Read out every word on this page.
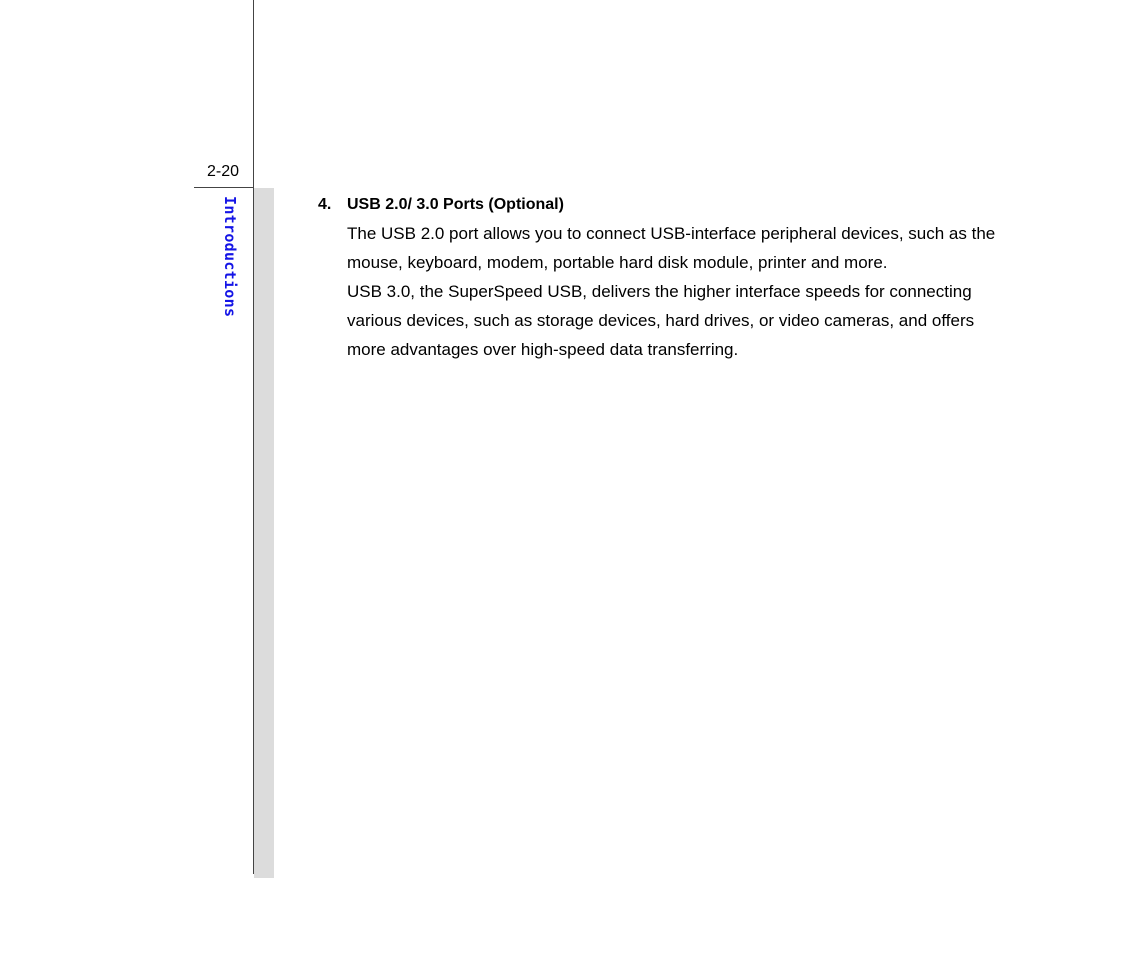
2-20
Introductions	4. USB 2.0/ 3.0 Ports (Optional)

The USB 2.0 port allows you to connect USB-interface peripheral devices, such as the mouse, keyboard, modem, portable hard disk module, printer and more.

USB 3.0, the SuperSpeed USB, delivers the higher interface speeds for connecting various devices, such as storage devices, hard drives, or video cameras, and offers more advantages over high-speed data transferring.
